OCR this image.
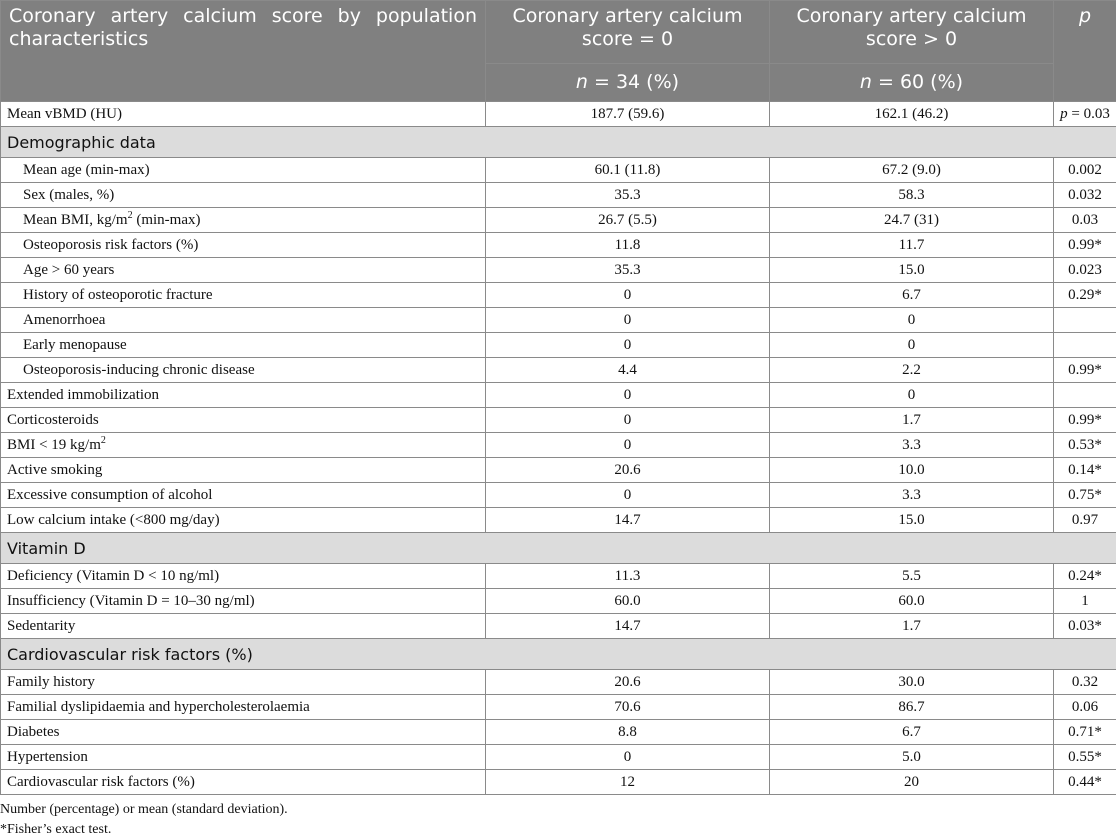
Coronary artery calcium score by population characteristics	Coronary artery calcium score = 0	Coronary artery calcium score > 0	p
	n = 34 (%)	n = 60 (%)	
Mean vBMD (HU)	187.7 (59.6)	162.1 (46.2)	p = 0.03
Demographic data			
Mean age (min-max)	60.1 (11.8)	67.2 (9.0)	0.002
Sex (males, %)	35.3	58.3	0.032
Mean BMI, $kg/m^2$ (min-max)	26.7 (5.5)	24.7 (31)	0.03
Osteoporosis risk factors (%)	11.8	11.7	0.99*
Age > 60 years	35.3	15.0	0.023
History of osteoporotic fracture	0	6.7	0.29*
Amenorrhoea	0	0	
Early menopause	0	0	
Osteoporosis-inducing chronic disease	4.4	2.2	0.99*
Extended immobilization	0	0	
Corticosteroids	0	1.7	0.99*
BMI < 19 $kg/m^2$	0	3.3	0.53*
Active smoking	20.6	10.0	0.14*
Excessive consumption of alcohol	0	3.3	0.75*
Low calcium intake (<800 mg/day)	14.7	15.0	0.97
Vitamin D			
Deficiency (Vitamin D < 10 ng/ml)	11.3	5.5	0.24*
Insufficiency (Vitamin D = 10–30 ng/ml)	60.0	60.0	1
Sedentarity	14.7	1.7	0.03*
Cardiovascular risk factors (%)			
Family history	20.6	30.0	0.32
Familial dyslipidaemia and hypercholesterolaemia	70.6	86.7	0.06
Diabetes	8.8	6.7	0.71*
Hypertension	0	5.0	0.55*
Cardiovascular risk factors (%)	12	20	0.44*
Number (percentage) or mean (standard deviation).
*Fisher’s exact test.
